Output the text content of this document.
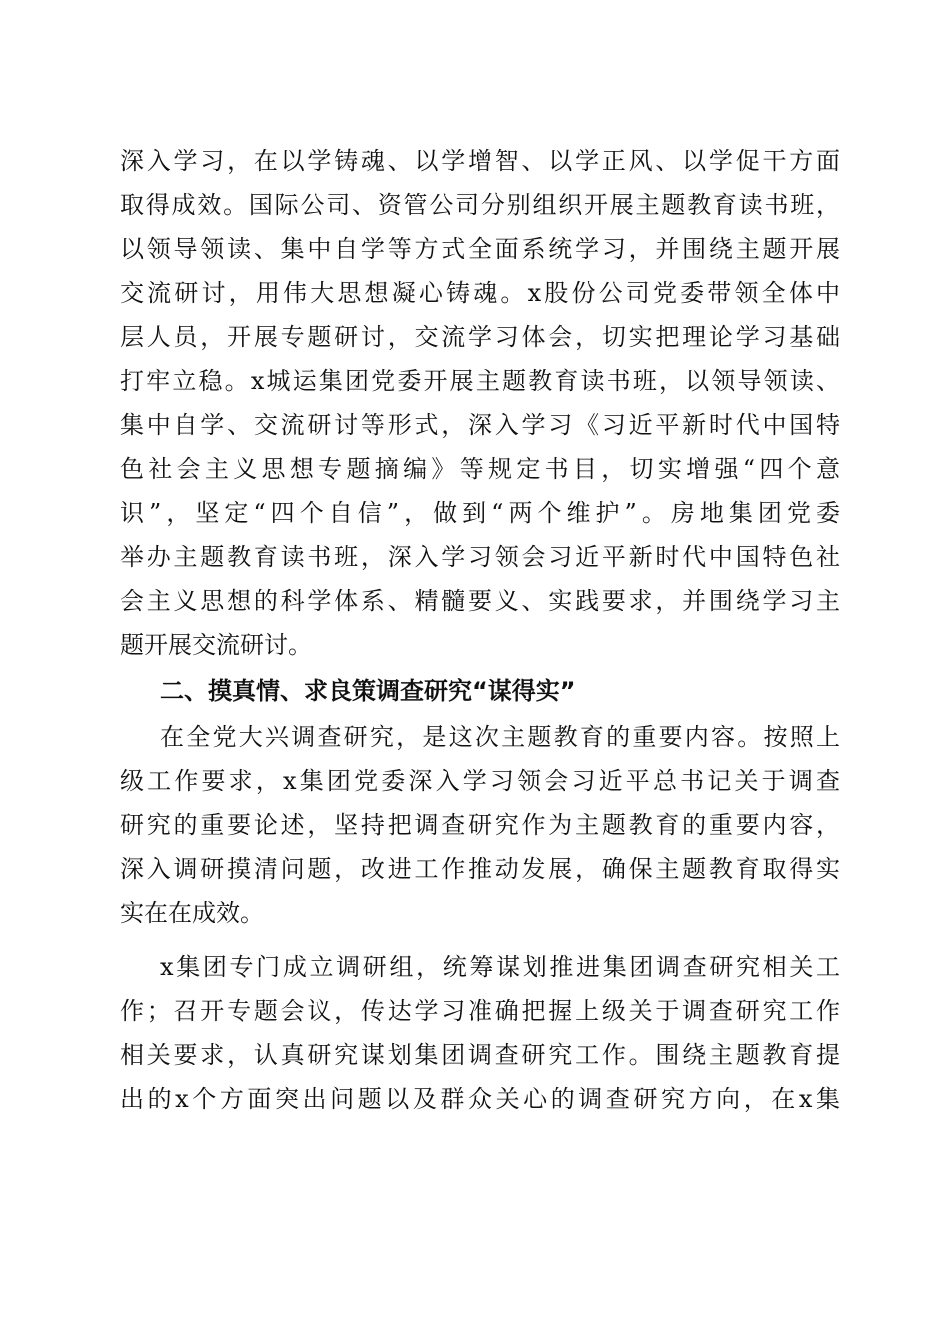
深入学习，在以学铸魂、以学增智、以学正风、以学促干方面
取得成效。国际公司、资管公司分别组织开展主题教育读书班，
以领导领读、集中自学等方式全面系统学习，并围绕主题开展
交流研讨，用伟大思想凝心铸魂。x股份公司党委带领全体中
层人员，开展专题研讨，交流学习体会，切实把理论学习基础
打牢立稳。x城运集团党委开展主题教育读书班，以领导领读、
集中自学、交流研讨等形式，深入学习《习近平新时代中国特
色社会主义思想专题摘编》等规定书目，切实增强“四个意
识”，坚定“四个自信”，做到“两个维护”。房地集团党委
举办主题教育读书班，深入学习领会习近平新时代中国特色社
会主义思想的科学体系、精髓要义、实践要求，并围绕学习主
题开展交流研讨。
二、摸真情、求良策调查研究“谋得实”
在全党大兴调查研究，是这次主题教育的重要内容。按照上
级工作要求，x集团党委深入学习领会习近平总书记关于调查
研究的重要论述，坚持把调查研究作为主题教育的重要内容，
深入调研摸清问题，改进工作推动发展，确保主题教育取得实
实在在成效。
x集团专门成立调研组，统筹谋划推进集团调查研究相关工
作；召开专题会议，传达学习准确把握上级关于调查研究工作
相关要求，认真研究谋划集团调查研究工作。围绕主题教育提
出的x个方面突出问题以及群众关心的调查研究方向，在x集
